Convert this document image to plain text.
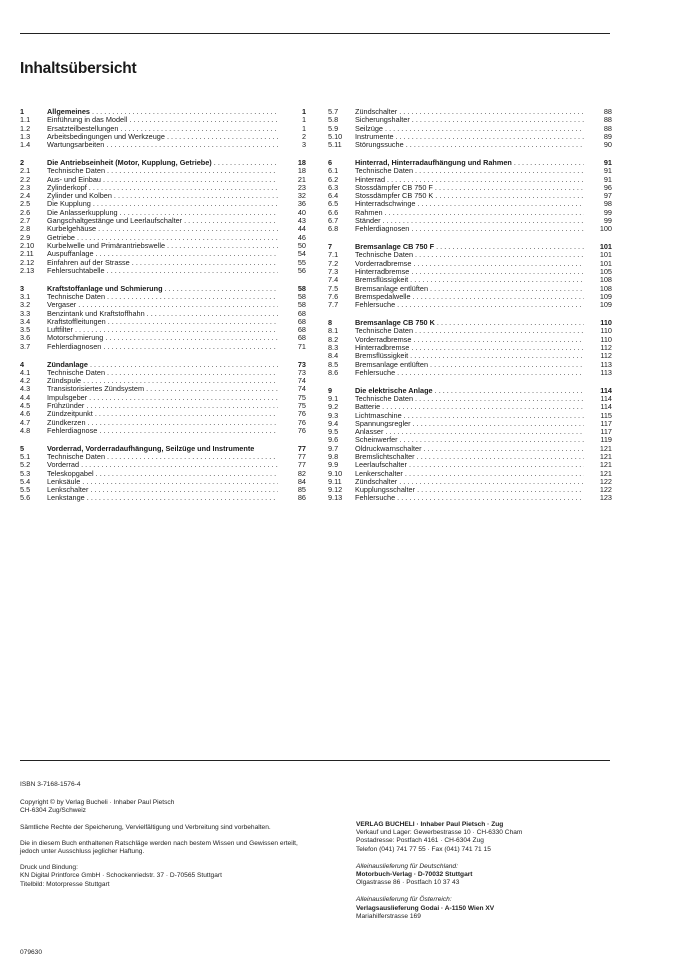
Inhaltsübersicht
1	Allgemeines . . .	1
1.1 Einführung in das Modell . . .	1
1.2 Ersatzteilbestellungen . . .	1
1.3 Arbeitsbedingungen und Werkzeuge . . .	2
1.4 Wartungsarbeiten . . .	3
2	Die Antriebseinheit (Motor, Kupplung, Getriebe) . . .	18
2.1 Technische Daten . . .	18
2.2 Aus- und Einbau . . .	21
2.3 Zylinderkopf . . .	23
2.4 Zylinder und Kolben . . .	32
2.5 Die Kupplung . . .	36
2.6 Die Anlasserkupplung . . .	40
2.7 Gangschaltgestänge und Leerlaufschalter . . .	43
2.8 Kurbelgehäuse . . .	44
2.9 Getriebe . . .	46
2.10 Kurbelwelle und Primärantriebswelle . . .	50
2.11 Auspuffanlage . . .	54
2.12 Einfahren auf der Strasse . . .	55
2.13 Fehlersuchtabelle . . .	56
3	Kraftstoffanlage und Schmierung . . .	58
3.1 Technische Daten . . .	58
3.2 Vergaser . . .	58
3.3 Benzintank und Kraftstoffhahn . . .	68
3.4 Kraftstoffleitungen . . .	68
3.5 Luftfilter . . .	68
3.6 Motorschmierung . . .	68
3.7 Fehlerdiagnosen . . .	71
4	Zündanlage . . .	73
4.1 Technische Daten . . .	73
4.2 Zündspule . . .	74
4.3 Transistorisiertes Zündsystem . . .	74
4.4 Impulsgeber . . .	75
4.5 Frühzünder . . .	75
4.6 Zündzeitpunkt . . .	76
4.7 Zündkerzen . . .	76
4.8 Fehlerdiagnose . . .	76
5	Vorderrad, Vorderradaufhängung, Seilzüge und Instrumente	77
5.1 Technische Daten . . .	77
5.2 Vorderrad . . .	77
5.3 Teleskopgabel . . .	82
5.4 Lenksäule . . .	84
5.5 Lenkschalter . . .	85
5.6 Lenkstange . . .	86
5.7 Zündschalter . . .	88
5.8 Sicherungshalter . . .	88
5.9 Seilzüge . . .	88
5.10 Instrumente . . .	89
5.11 Störungssuche . . .	90
6	Hinterrad, Hinterradaufhängung und Rahmen . . .	91
6.1 Technische Daten . . .	91
6.2 Hinterrad . . .	91
6.3 Stossdämpfer CB 750 F . . .	96
6.4 Stossdämpfer CB 750 K . . .	97
6.5 Hinterradschwinge . . .	98
6.6 Rahmen . . .	99
6.7 Ständer . . .	99
6.8 Fehlerdiagnosen . . .	100
7	Bremsanlage CB 750 F . . .	101
7.1 Technische Daten . . .	101
7.2 Vorderradbremse . . .	101
7.3 Hinterradbremse . . .	105
7.4 Bremsflüssigkeit . . .	108
7.5 Bremsanlage entlüften . . .	108
7.6 Bremspedalwelle . . .	109
7.7 Fehlersuche . . .	109
8	Bremsanlage CB 750 K . . .	110
8.1 Technische Daten . . .	110
8.2 Vorderradbremse . . .	110
8.3 Hinterradbremse . . .	112
8.4 Bremsflüssigkeit . . .	112
8.5 Bremsanlage entlüften . . .	113
8.6 Fehlersuche . . .	113
9	Die elektrische Anlage . . .	114
9.1 Technische Daten . . .	114
9.2 Batterie . . .	114
9.3 Lichtmaschine . . .	115
9.4 Spannungsregler . . .	117
9.5 Anlasser . . .	117
9.6 Scheinwerfer . . .	119
9.7 Öldruckwarnschalter . . .	121
9.8 Bremslichtschalter . . .	121
9.9 Leerlaufschalter . . .	121
9.10 Lenkerschalter . . .	121
9.11 Zündschalter . . .	122
9.12 Kupplungsschalter . . .	122
9.13 Fehlersuche . . .	123
ISBN 3-7168-1576-4
Copyright © by Verlag Bucheli · Inhaber Paul Pietsch
CH-6304 Zug/Schweiz
Sämtliche Rechte der Speicherung, Vervielfältigung und Verbreitung sind vorbehalten.
Die in diesem Buch enthaltenen Ratschläge werden nach bestem Wissen und Gewissen erteilt,
jedoch unter Ausschluss jeglicher Haftung.
Druck und Bindung:
KN Digital Printforce GmbH · Schockenriedstr. 37 · D-70565 Stuttgart
Titelbild: Motorpresse Stuttgart
079630
VERLAG BUCHELI · Inhaber Paul Pietsch · Zug
Verkauf und Lager: Gewerbestrasse 10 · CH-6330 Cham
Postadresse: Postfach 4161 · CH-6304 Zug
Telefon (041) 741 77 55 · Fax (041) 741 71 15
Alleinauslieferung für Deutschland:
Motorbuch-Verlag · D-70032 Stuttgart
Olgastrasse 86 · Postfach 10 37 43
Alleinauslieferung für Österreich:
Verlagsauslieferung Godai · A-1150 Wien XV
Mariahilferstrasse 169
